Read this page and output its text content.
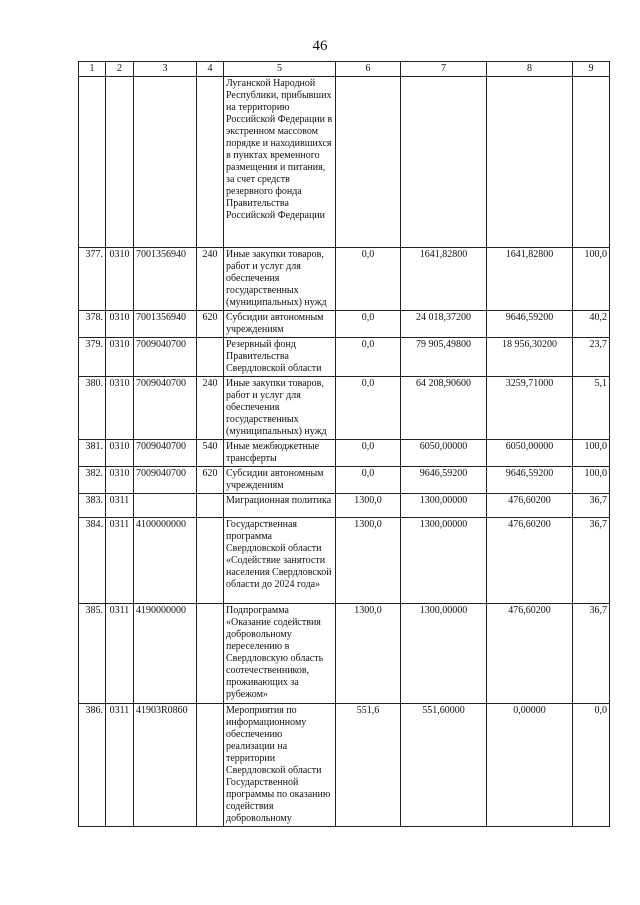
46
1	2	3	4	5	6	7	8	9
				Луганской Народной Республики, прибывших на территорию Российской Федерации в экстренном массовом порядке и находившихся в пунктах временного размещения и питания, за счет средств резервного фонда Правительства Российской Федерации				
377.	0310	7001356940	240	Иные закупки товаров, работ и услуг для обеспечения государственных (муниципальных) нужд	0,0	1641,82800	1641,82800	100,0
378.	0310	7001356940	620	Субсидии автономным учреждениям	0,0	24 018,37200	9646,59200	40,2
379.	0310	7009040700		Резервный фонд Правительства Свердловской области	0,0	79 905,49800	18 956,30200	23,7
380.	0310	7009040700	240	Иные закупки товаров, работ и услуг для обеспечения государственных (муниципальных) нужд	0,0	64 208,90600	3259,71000	5,1
381.	0310	7009040700	540	Иные межбюджетные трансферты	0,0	6050,00000	6050,00000	100,0
382.	0310	7009040700	620	Субсидии автономным учреждениям	0,0	9646,59200	9646,59200	100,0
383.	0311			Миграционная политика	1300,0	1300,00000	476,60200	36,7
384.	0311	4100000000		Государственная программа Свердловской области «Содействие занятости населения Свердловской области до 2024 года»	1300,0	1300,00000	476,60200	36,7
385.	0311	4190000000		Подпрограмма «Оказание содействия добровольному переселению в Свердловскую область соотечественников, проживающих за рубежом»	1300,0	1300,00000	476,60200	36,7
386.	0311	41903R0860		Мероприятия по информационному обеспечению реализации на территории Свердловской области Государственной программы по оказанию содействия добровольному	551,6	551,60000	0,00000	0,0
